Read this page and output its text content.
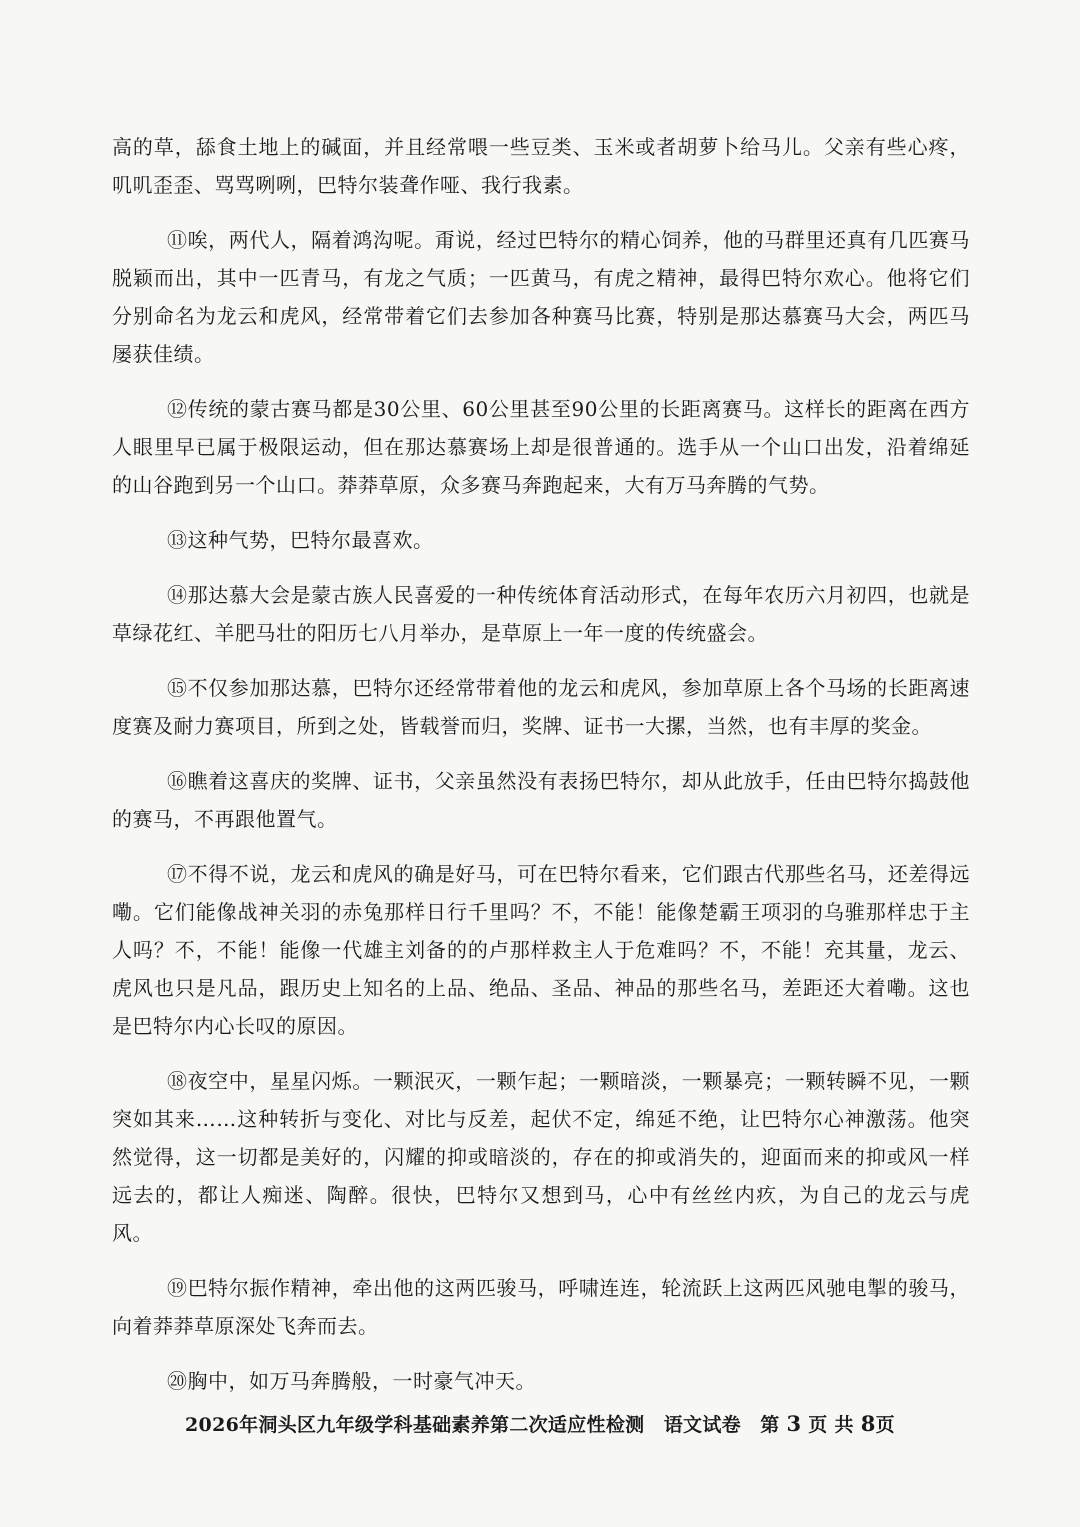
高的草，舔食土地上的碱面，并且经常喂一些豆类、玉米或者胡萝卜给马儿。父亲有些心疼，叽叽歪歪、骂骂咧咧，巴特尔装聋作哑、我行我素。

⑪唉，两代人，隔着鸿沟呢。甭说，经过巴特尔的精心饲养，他的马群里还真有几匹赛马脱颖而出，其中一匹青马，有龙之气质；一匹黄马，有虎之精神，最得巴特尔欢心。他将它们分别命名为龙云和虎风，经常带着它们去参加各种赛马比赛，特别是那达慕赛马大会，两匹马屡获佳绩。

⑫传统的蒙古赛马都是30公里、60公里甚至90公里的长距离赛马。这样长的距离在西方人眼里早已属于极限运动，但在那达慕赛场上却是很普通的。选手从一个山口出发，沿着绵延的山谷跑到另一个山口。莽莽草原，众多赛马奔跑起来，大有万马奔腾的气势。

⑬这种气势，巴特尔最喜欢。

⑭那达慕大会是蒙古族人民喜爱的一种传统体育活动形式，在每年农历六月初四，也就是草绿花红、羊肥马壮的阳历七八月举办，是草原上一年一度的传统盛会。

⑮不仅参加那达慕，巴特尔还经常带着他的龙云和虎风，参加草原上各个马场的长距离速度赛及耐力赛项目，所到之处，皆载誉而归，奖牌、证书一大摞，当然，也有丰厚的奖金。

⑯瞧着这喜庆的奖牌、证书，父亲虽然没有表扬巴特尔，却从此放手，任由巴特尔捣鼓他的赛马，不再跟他置气。

⑰不得不说，龙云和虎风的确是好马，可在巴特尔看来，它们跟古代那些名马，还差得远嘞。它们能像战神关羽的赤兔那样日行千里吗？不，不能！能像楚霸王项羽的乌骓那样忠于主人吗？不，不能！能像一代雄主刘备的的卢那样救主人于危难吗？不，不能！充其量，龙云、虎风也只是凡品，跟历史上知名的上品、绝品、圣品、神品的那些名马，差距还大着嘞。这也是巴特尔内心长叹的原因。

⑱夜空中，星星闪烁。一颗泯灭，一颗乍起；一颗暗淡，一颗暴亮；一颗转瞬不见，一颗突如其来……这种转折与变化、对比与反差，起伏不定，绵延不绝，让巴特尔心神激荡。他突然觉得，这一切都是美好的，闪耀的抑或暗淡的，存在的抑或消失的，迎面而来的抑或风一样远去的，都让人痴迷、陶醉。很快，巴特尔又想到马，心中有丝丝内疚，为自己的龙云与虎风。

⑲巴特尔振作精神，牵出他的这两匹骏马，呼啸连连，轮流跃上这两匹风驰电掣的骏马，向着莽莽草原深处飞奔而去。

⑳胸中，如万马奔腾般，一时豪气冲天。

2026年洞头区九年级学科基础素养第二次适应性检测　语文试卷　第 3 页 共 8页
